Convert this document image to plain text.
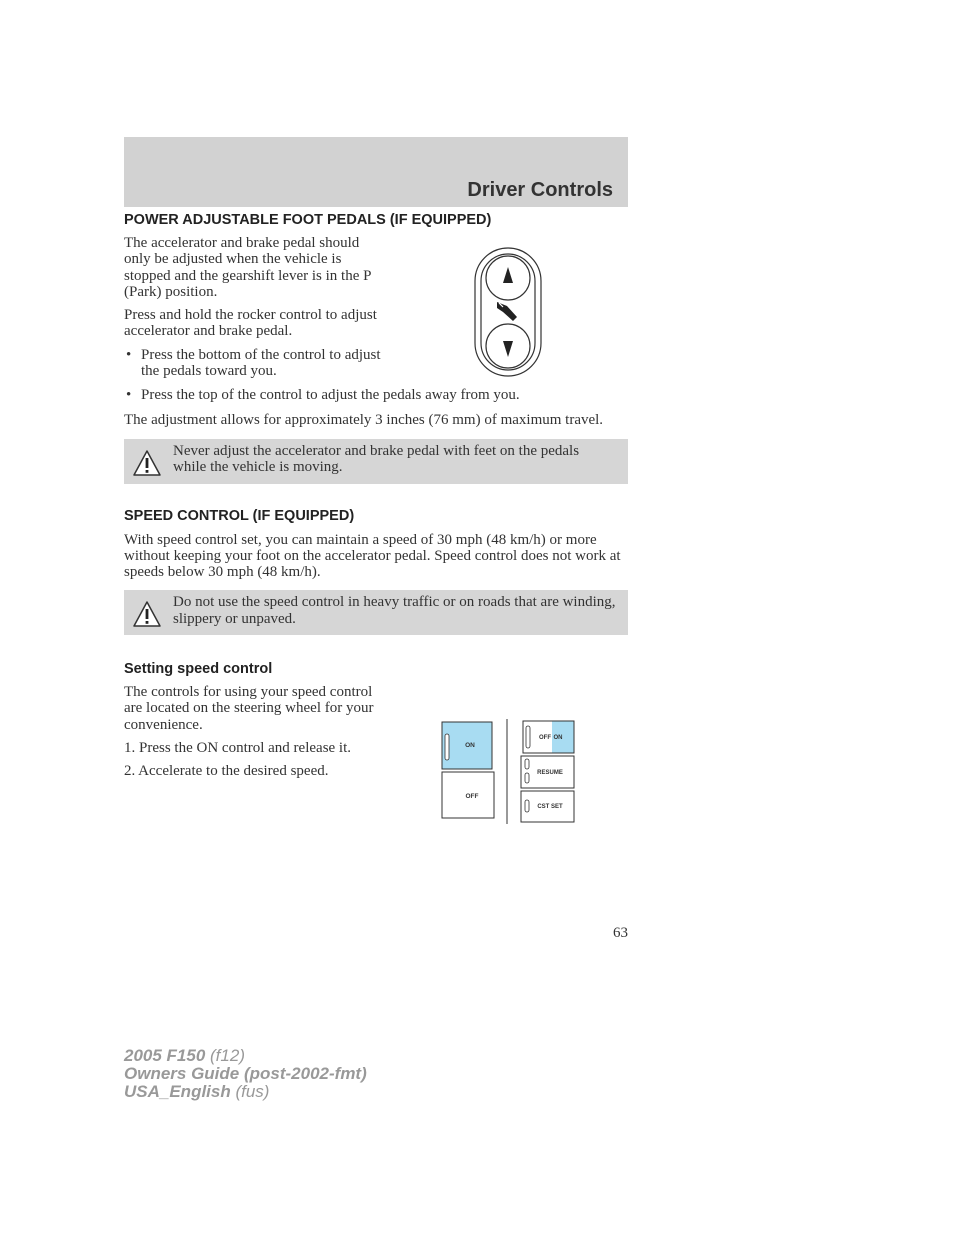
Driver Controls
ON
OFF
OFF ON
RESUME
CST SET
POWER ADJUSTABLE FOOT PEDALS (IF EQUIPPED)

The accelerator and brake pedal should only be adjusted when the vehicle is stopped and the gearshift lever is in the P (Park) position.

Press and hold the rocker control to adjust accelerator and brake pedal.

• Press the bottom of the control to adjust the pedals toward you.
• Press the top of the control to adjust the pedals away from you.

The adjustment allows for approximately 3 inches (76 mm) of maximum travel.

Never adjust the accelerator and brake pedal with feet on the pedals while the vehicle is moving.

SPEED CONTROL (IF EQUIPPED)

With speed control set, you can maintain a speed of 30 mph (48 km/h) or more without keeping your foot on the accelerator pedal. Speed control does not work at speeds below 30 mph (48 km/h).

Do not use the speed control in heavy traffic or on roads that are winding, slippery or unpaved.

Setting speed control

The controls for using your speed control are located on the steering wheel for your convenience.

1. Press the ON control and release it.

2. Accelerate to the desired speed.

63
2005 F150 (f12)
Owners Guide (post-2002-fmt)
USA_English (fus)
